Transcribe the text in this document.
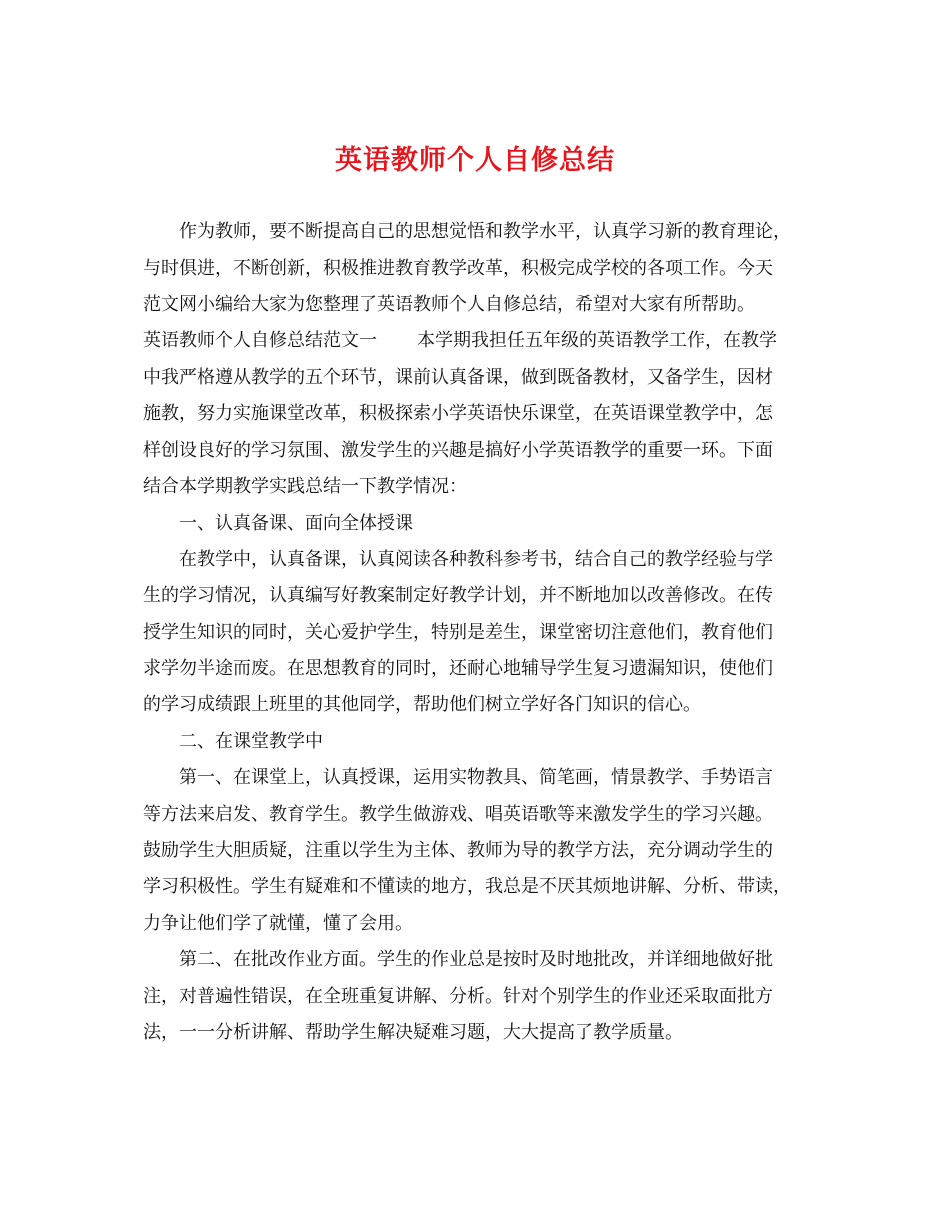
英语教师个人自修总结
　　作为教师，要不断提高自己的思想觉悟和教学水平，认真学习新的教育理论，
与时俱进，不断创新，积极推进教育教学改革，积极完成学校的各项工作。今天
范文网小编给大家为您整理了英语教师个人自修总结，希望对大家有所帮助。
英语教师个人自修总结范文一 本学期我担任五年级的英语教学工作，在教学
中我严格遵从教学的五个环节，课前认真备课，做到既备教材，又备学生，因材
施教，努力实施课堂改革，积极探索小学英语快乐课堂，在英语课堂教学中，怎
样创设良好的学习氛围、激发学生的兴趣是搞好小学英语教学的重要一环。下面
结合本学期教学实践总结一下教学情况：
　　一、认真备课、面向全体授课
　　在教学中，认真备课，认真阅读各种教科参考书，结合自己的教学经验与学
生的学习情况，认真编写好教案制定好教学计划，并不断地加以改善修改。在传
授学生知识的同时，关心爱护学生，特别是差生，课堂密切注意他们，教育他们
求学勿半途而废。在思想教育的同时，还耐心地辅导学生复习遗漏知识，使他们
的学习成绩跟上班里的其他同学，帮助他们树立学好各门知识的信心。
　　二、在课堂教学中
　　第一、在课堂上，认真授课，运用实物教具、简笔画，情景教学、手势语言
等方法来启发、教育学生。教学生做游戏、唱英语歌等来激发学生的学习兴趣。
鼓励学生大胆质疑，注重以学生为主体、教师为导的教学方法，充分调动学生的
学习积极性。学生有疑难和不懂读的地方，我总是不厌其烦地讲解、分析、带读，
力争让他们学了就懂，懂了会用。
　　第二、在批改作业方面。学生的作业总是按时及时地批改，并详细地做好批
注，对普遍性错误，在全班重复讲解、分析。针对个别学生的作业还采取面批方
法，一一分析讲解、帮助学生解决疑难习题，大大提高了教学质量。
